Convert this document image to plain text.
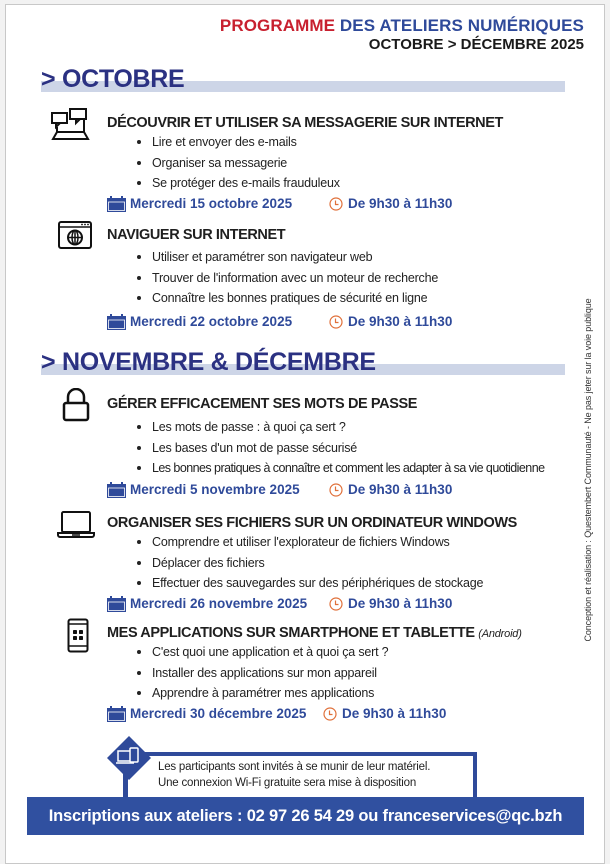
PROGRAMME DES ATELIERS NUMÉRIQUES
OCTOBRE > DÉCEMBRE 2025
> OCTOBRE
DÉCOUVRIR ET UTILISER SA MESSAGERIE SUR INTERNET
Lire et envoyer des e-mails
Organiser sa messagerie
Se protéger des e-mails frauduleux
Mercredi 15 octobre 2025	De 9h30 à 11h30
NAVIGUER SUR INTERNET
Utiliser et paramétrer son navigateur web
Trouver de l'information avec un moteur de recherche
Connaître les bonnes pratiques de sécurité en ligne
Mercredi 22 octobre 2025	De 9h30 à 11h30
> NOVEMBRE & DÉCEMBRE
GÉRER EFFICACEMENT SES MOTS DE PASSE
Les mots de passe : à quoi ça sert ?
Les bases d'un mot de passe sécurisé
Les bonnes pratiques à connaître et comment les adapter à sa vie quotidienne
Mercredi 5 novembre 2025	De 9h30 à 11h30
ORGANISER SES FICHIERS SUR UN ORDINATEUR WINDOWS
Comprendre et utiliser l'explorateur de fichiers Windows
Déplacer des fichiers
Effectuer des sauvegardes sur des périphériques de stockage
Mercredi 26 novembre 2025	De 9h30 à 11h30
MES APPLICATIONS SUR SMARTPHONE ET TABLETTE (Android)
C'est quoi une application et à quoi ça sert ?
Installer des applications sur mon appareil
Apprendre à paramétrer mes applications
Mercredi 30 décembre 2025	De 9h30 à 11h30
Conception et réalisation : Questembert Communauté - Ne pas jeter sur la voie publique
Les participants sont invités à se munir de leur matériel.
Une connexion Wi-Fi gratuite sera mise à disposition
Inscriptions aux ateliers : 02 97 26 54 29 ou franceservices@qc.bzh
